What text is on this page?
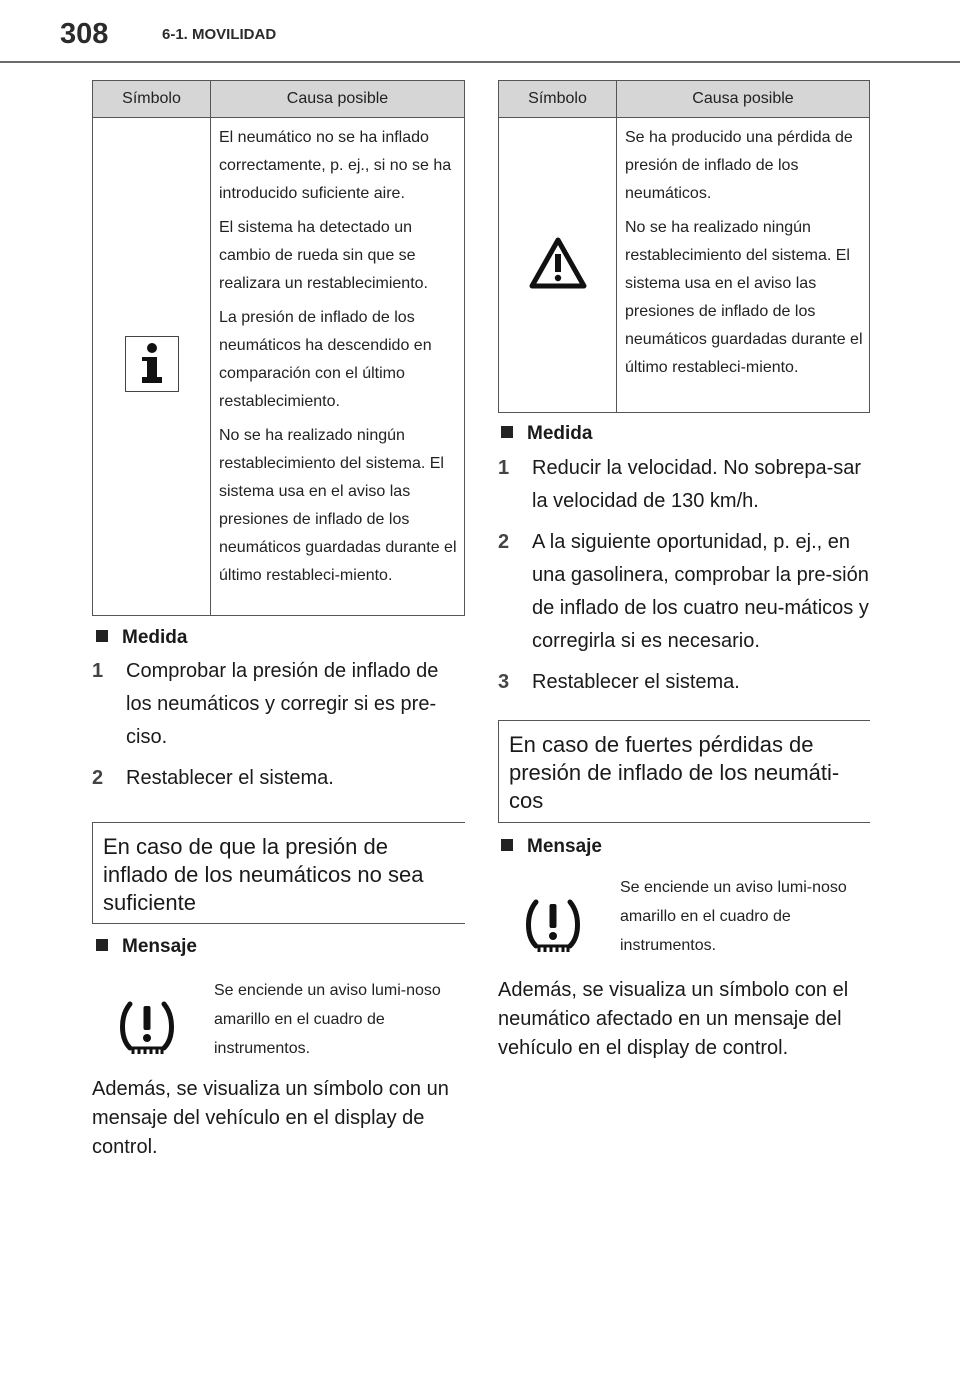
308	6-1. MOVILIDAD
Símbolo	Causa posible

	El neumático no se ha inflado correctamente, p. ej., si no se ha introducido suficiente aire.

El sistema ha detectado un cambio de rueda sin que se realizara un restablecimiento.

La presión de inflado de los neumáticos ha descendido en comparación con el último restablecimiento.

No se ha realizado ningún restablecimiento del sistema. El sistema usa en el aviso las presiones de inflado de los neumáticos guardadas durante el último restableci-miento.

Medida
1 Comprobar la presión de inflado de los neumáticos y corregir si es pre-ciso.
2 Restablecer el sistema.
En caso de que la presión de inflado de los neumáticos no sea suficiente
Mensaje
Se enciende un aviso lumi-noso amarillo en el cuadro de instrumentos.
Además, se visualiza un símbolo con un mensaje del vehículo en el display de control.
Símbolo	Causa posible

Se ha producido una pérdida de presión de inflado de los neumáticos.

No se ha realizado ningún restablecimiento del sistema. El sistema usa en el aviso las presiones de inflado de los neumáticos guardadas durante el último restableci-miento.

Medida
1 Reducir la velocidad. No sobrepa-sar la velocidad de 130 km/h.
2 A la siguiente oportunidad, p. ej., en una gasolinera, comprobar la pre-sión de inflado de los cuatro neu-máticos y corregirla si es necesario.
3 Restablecer el sistema.
En caso de fuertes pérdidas de presión de inflado de los neumáti-cos
Mensaje
Se enciende un aviso lumi-noso amarillo en el cuadro de instrumentos.
Además, se visualiza un símbolo con el neumático afectado en un mensaje del vehículo en el display de control.
